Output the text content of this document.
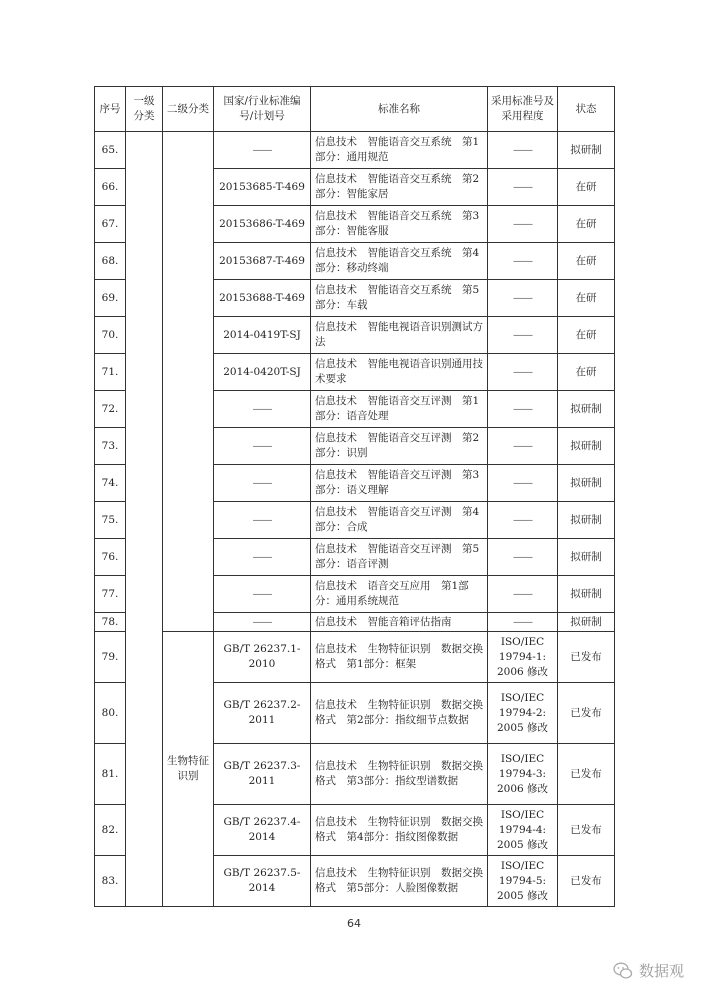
序号	一级分类	二级分类	国家/行业标准编号/计划号	标准名称	采用标准号及采用程度	状态
65.			——	信息技术　智能语音交互系统　第1部分：通用规范	——	拟研制
66.			20153685-T-469	信息技术　智能语音交互系统　第2部分：智能家居	——	在研
67.			20153686-T-469	信息技术　智能语音交互系统　第3部分：智能客服	——	在研
68.			20153687-T-469	信息技术　智能语音交互系统　第4部分：移动终端	——	在研
69.			20153688-T-469	信息技术　智能语音交互系统　第5部分：车载	——	在研
70.			2014-0419T-SJ	信息技术　智能电视语音识别测试方法	——	在研
71.			2014-0420T-SJ	信息技术　智能电视语音识别通用技术要求	——	在研
72.			——	信息技术　智能语音交互评测　第1部分：语音处理	——	拟研制
73.			——	信息技术　智能语音交互评测　第2部分：识别	——	拟研制
74.			——	信息技术　智能语音交互评测　第3部分：语义理解	——	拟研制
75.			——	信息技术　智能语音交互评测　第4部分：合成	——	拟研制
76.			——	信息技术　智能语音交互评测　第5部分：语音评测	——	拟研制
77.			——	信息技术　语音交互应用　第1部分：通用系统规范	——	拟研制
78.			——	信息技术　智能音箱评估指南	——	拟研制
79.		生物特征识别	GB/T 26237.1-2010	信息技术　生物特征识别　数据交换格式　第1部分：框架	ISO/IEC 19794-1: 2006 修改	已发布
80.			GB/T 26237.2-2011	信息技术　生物特征识别　数据交换格式　第2部分：指纹细节点数据	ISO/IEC 19794-2: 2005 修改	已发布
81.			GB/T 26237.3-2011	信息技术　生物特征识别　数据交换格式　第3部分：指纹型谱数据	ISO/IEC 19794-3: 2006 修改	已发布
82.			GB/T 26237.4-2014	信息技术　生物特征识别　数据交换格式　第4部分：指纹图像数据	ISO/IEC 19794-4: 2005 修改	已发布
83.			GB/T 26237.5-2014	信息技术　生物特征识别　数据交换格式　第5部分：人脸图像数据	ISO/IEC 19794-5: 2005 修改	已发布
64
数据观
